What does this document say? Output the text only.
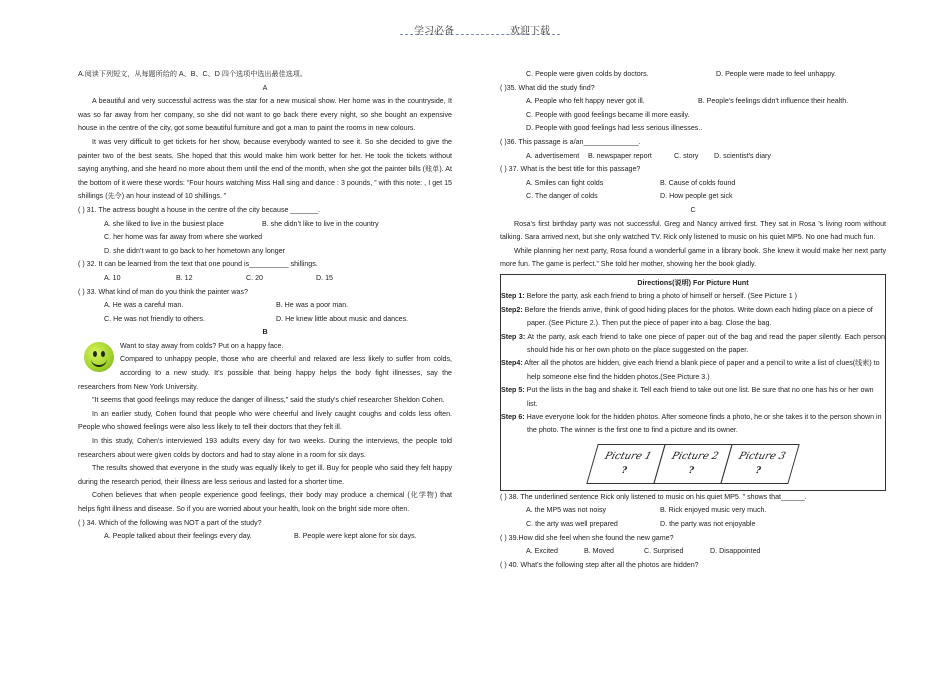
学习必备	欢迎下载

A.阅读下列短文，从每题所给的 A、B、C、D 四个选项中选出最佳选项。

A

A beautiful and very successful actress was the star for a new musical show. Her home was in the countryside, It was so far away from her company, so she did not want to go back there every night, so she bought an expensive house in the centre of the city, got some beautiful furniture and got a man to paint the rooms in new colours.

It was very difficult to get tickets for her show, because everybody wanted to see it. So she decided to give the painter two of the best seats. She hoped that this would make him work better for her. He took the tickets without saying anything, and she heard no more about them until the end of the month, when she got the painter bills (账单). At the bottom of it were these words: “Four hours watching Miss Hall sing and dance : 3 pounds, ” with this note: , I get 15 shillings (先令) an hour instead of 10 shillings. ”

( ) 31. The actress bought a house in the centre of the city because _______.

A. she liked to live in the busiest place	B. she didn’t like to live in the country
C. her home was far away from where she worked
D. she didn’t want to go back to her hometown any longer

( ) 32. It can be learned from the text that one pound is__________ shillings.

A. 10	B. 12	C. 20	D. 15

( ) 33. What kind of man do you think the painter was?

A. He was a careful man.	B. He was a poor man.
C. He was not friendly to others.	D. He knew little about music and dances.

B

Want to stay away from colds? Put on a happy face.

Compared to unhappy people, those who are cheerful and relaxed are less likely to suffer from colds, according to a new study. It's possible that being happy helps the body fight illnesses, say the researchers from New York University.

"It seems that good feelings may reduce the danger of illness," said the study's chief researcher Sheldon Cohen.

In an earlier study, Cohen found that people who were cheerful and lively caught coughs and colds less often. People who showed feelings were also less likely to tell their doctors that they felt ill.

In this study, Cohen's interviewed 193 adults every day for two weeks. During the interviews, the people told researchers about were given colds by doctors and had to stay alone in a room for six days.

The results showed that everyone in the study was equally likely to get ill. Buy for people who said they felt happy during the research period, their illness are less serious and lasted for a shorter time.

Cohen believes that when people experience good feelings, their body may produce a chemical (化学物) that helps fight illness and disease. So if you are worried about your health, look on the bright side more often.

( ) 34. Which of the following was NOT a part of the study?

A. People talked about their feelings every day.	B. People were kept alone for six days.
C. People were given colds by doctors.	D. People were made to feel unhappy.

( )35. What did the study find?

A. People who felt happy never got ill.	B. People's feelings didn't influence their health.
C. People with good feelings became ill more easily.
D. People with good feelings had less serious illnesses..

( )36. This passage is a/an______________.

A. advertisement	B. newspaper report	C. story	D. scientist's diary

( ) 37. What is the best title for this passage?

A. Smiles can fight colds	B. Cause of colds found
C. The danger of colds	D. How people get sick

C

Rosa’s first birthday party was not successful. Greg and Nancy arrived first. They sat in Rosa ’s living room without talking. Sara arrived next, but she only watched TV. Rick only listened to music on his quiet MP5. No one had much fun.

While planning her next party, Rosa found a wonderful game in a library book. She knew it would make her next party more fun. The game is perfect.” She told her mother, showing her the book gladly.

Directions(说明) For Picture Hunt

Step 1: Before the party, ask each friend to bring a photo of himself or herself. (See Picture 1 )

Step2: Before the friends arrive, think of good hiding places for the photos. Write down each hiding place on a piece of paper. (See Picture 2.). Then put the piece of paper into a bag. Close the bag.

Step 3: At the party, ask each friend to take one piece of paper out of the bag and read the paper silently. Each person should hide his or her own photo on the place suggested on the paper.

Step4: After all the photos are hidden, give each friend a blank piece of paper and a pencil to write a list of clues(线索) to help someone else find the hidden photos.(See Picture 3.)

Step 5: Put the lists in the bag and shake it. Tell each friend to take out one list. Be sure that no one has his or her own list.

Step 6: Have everyone look for the hidden photos. After someone finds a photo, he or she takes it to the person shown in the photo. The winner is the first one to find a picture and its owner.

Picture 1
?
Picture 2
?
Picture 3
?

( ) 38. The underlined sentence Rick only listened to music on his quiet MP5. ” shows that______.

A. the MP5 was not noisy	B. Rick enjoyed music very much.
C. the arty was well prepared	D. the party was not enjoyable

( ) 39.How did she feel when she found the new game?

A. Excited	B. Moved	C. Surprised	D. Disappointed

( ) 40. What’s the following step after all the photos are hidden?
